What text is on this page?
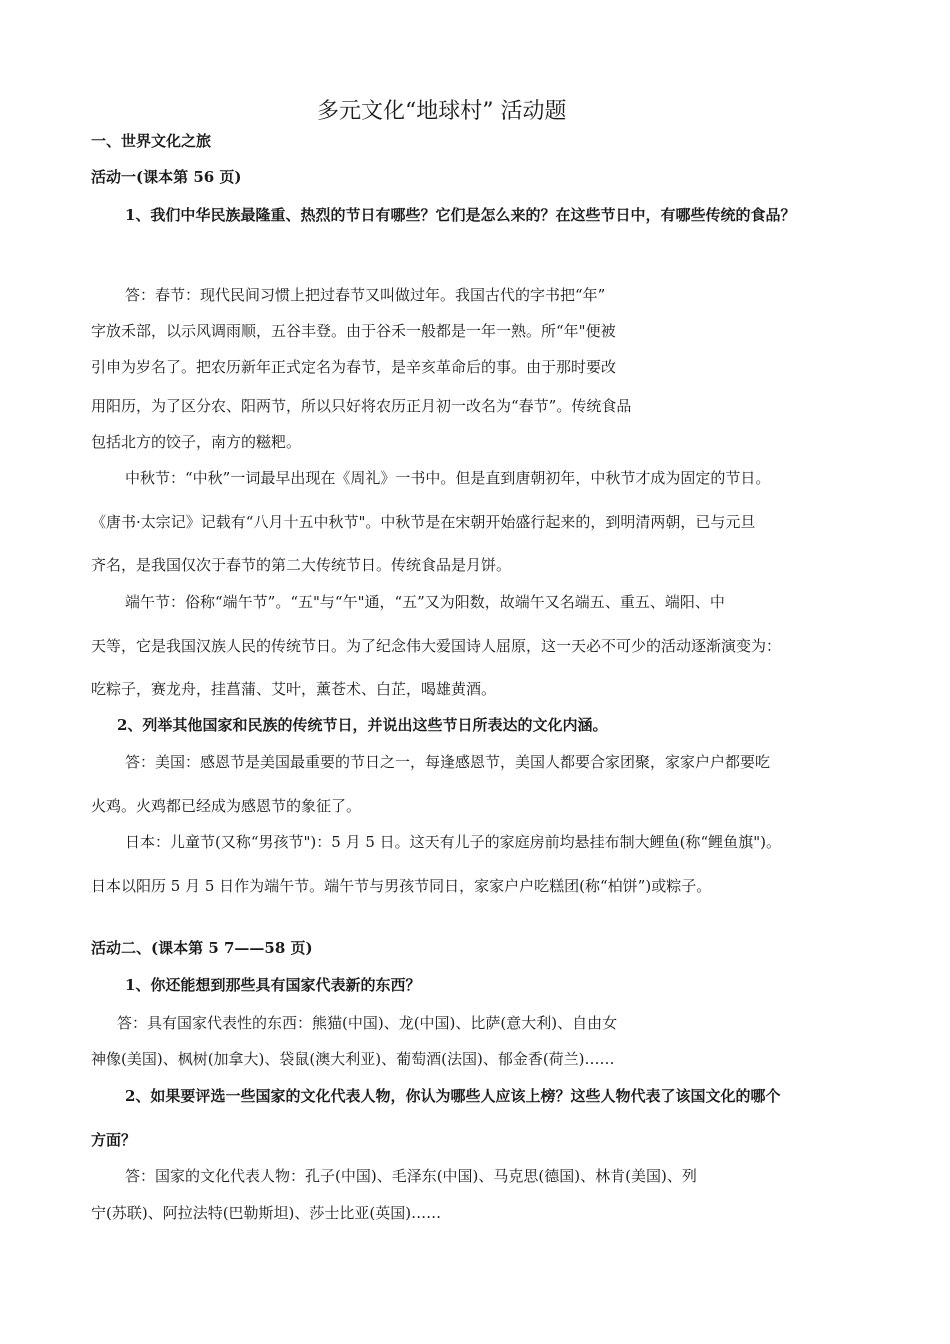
多元文化“地球村” 活动题
一、世界文化之旅
活动一(课本第 56 页)
1、我们中华民族最隆重、热烈的节日有哪些？它们是怎么来的？在这些节日中，有哪些传统的食品？
答：春节：现代民间习惯上把过春节又叫做过年。我国古代的字书把“年”
字放禾部，以示风调雨顺，五谷丰登。由于谷禾一般都是一年一熟。所“年"便被
引申为岁名了。把农历新年正式定名为春节，是辛亥革命后的事。由于那时要改
用阳历，为了区分农、阳两节，所以只好将农历正月初一改名为“春节”。传统食品
包括北方的饺子，南方的糍粑。
中秋节：“中秋”一词最早出现在《周礼》一书中。但是直到唐朝初年，中秋节才成为固定的节日。
《唐书·太宗记》记载有“八月十五中秋节"。中秋节是在宋朝开始盛行起来的，到明清两朝，已与元旦
齐名，是我国仅次于春节的第二大传统节日。传统食品是月饼。
端午节：俗称“端午节”。“五"与“午"通，“五”又为阳数，故端午又名端五、重五、端阳、中
天等，它是我国汉族人民的传统节日。为了纪念伟大爱国诗人屈原，这一天必不可少的活动逐渐演变为：
吃粽子，赛龙舟，挂菖蒲、艾叶，薰苍术、白芷，喝雄黄酒。
2、列举其他国家和民族的传统节日，并说出这些节日所表达的文化内涵。
答：美国：感恩节是美国最重要的节日之一，每逢感恩节，美国人都要合家团聚，家家户户都要吃
火鸡。火鸡都已经成为感恩节的象征了。
日本：儿童节(又称“男孩节")：5 月 5 日。这天有儿子的家庭房前均悬挂布制大鲤鱼(称“鲤鱼旗")。
日本以阳历 5 月 5 日作为端午节。端午节与男孩节同日，家家户户吃糕团(称“柏饼”)或粽子。
活动二、(课本第 5 7——58 页)
1、你还能想到那些具有国家代表新的东西？
答：具有国家代表性的东西：熊猫(中国)、龙(中国)、比萨(意大利)、自由女
神像(美国)、枫树(加拿大)、袋鼠(澳大利亚)、葡萄酒(法国)、郁金香(荷兰)……
2、如果要评选一些国家的文化代表人物，你认为哪些人应该上榜？这些人物代表了该国文化的哪个
方面？
答：国家的文化代表人物：孔子(中国)、毛泽东(中国)、马克思(德国)、林肯(美国)、列
宁(苏联)、阿拉法特(巴勒斯坦)、莎士比亚(英国)……
